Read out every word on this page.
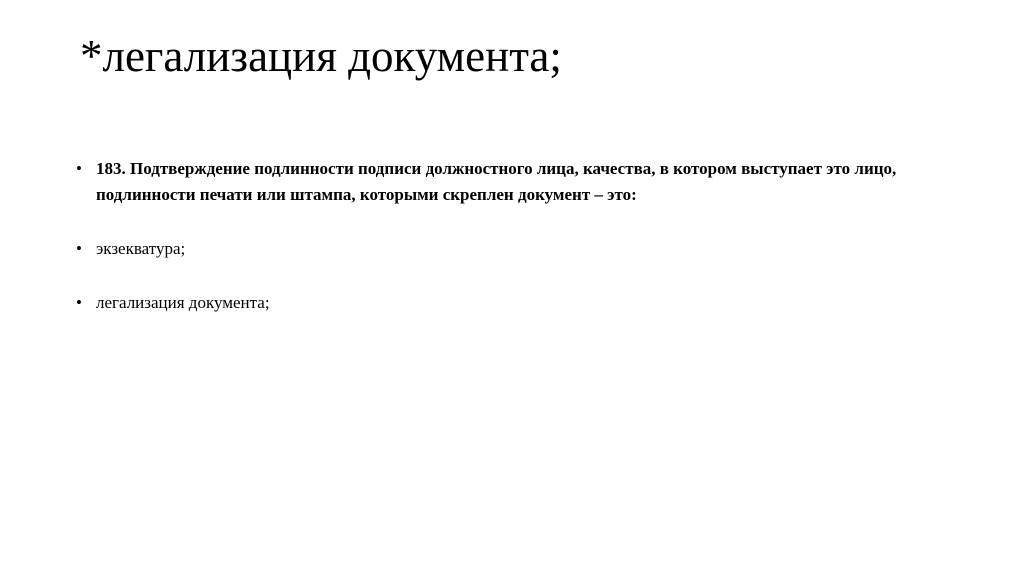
*легализация документа;
• 183. Подтверждение подлинности подписи должностного лица, качества, в котором выступает это лицо, подлинности печати или штампа, которыми скреплен документ – это:
• экзекватура;
• легализация документа;
